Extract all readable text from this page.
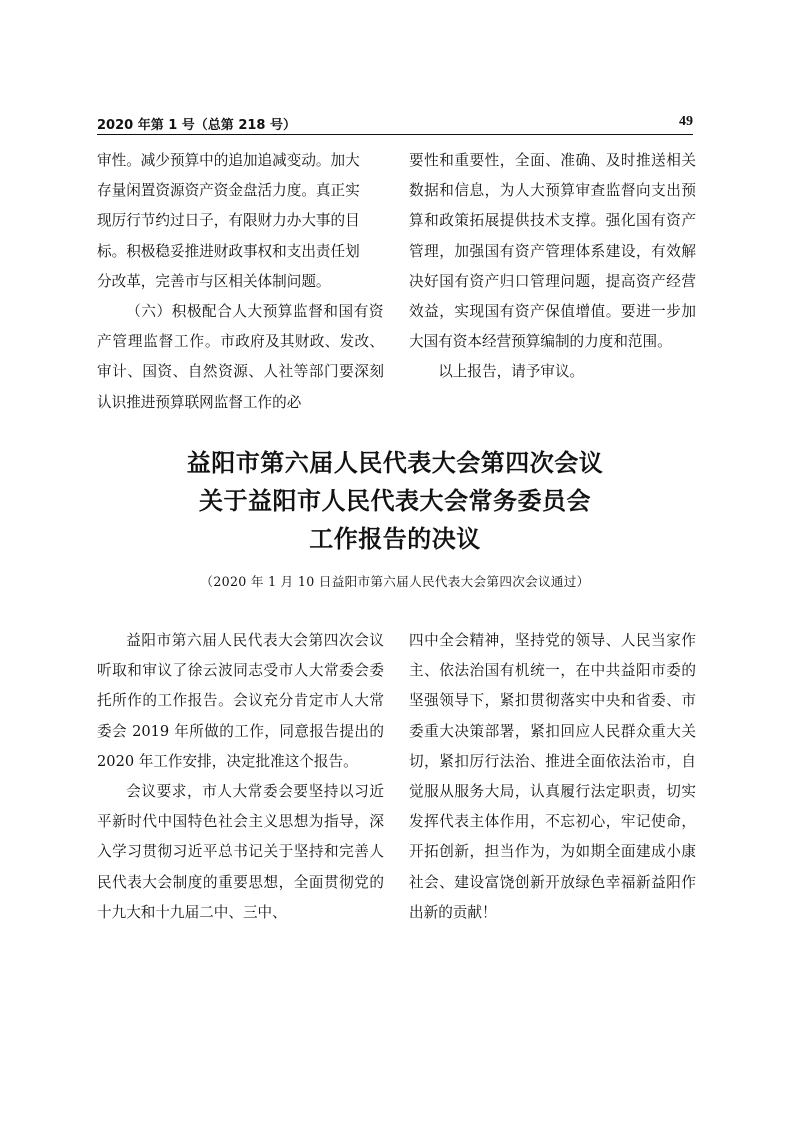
2020 年第 1 号（总第 218 号）	49

审性。减少预算中的追加追减变动。加大

存量闲置资源资产资金盘活力度。真正实

现厉行节约过日子，有限财力办大事的目

标。积极稳妥推进财政事权和支出责任划

分改革，完善市与区相关体制问题。

（六）积极配合人大预算监督和国有资产管理监督工作。市政府及其财政、发改、审计、国资、自然资源、人社等部门要深刻认识推进预算联网监督工作的必

要性和重要性，全面、准确、及时推送相关数据和信息，为人大预算审查监督向支出预算和政策拓展提供技术支撑。强化国有资产管理，加强国有资产管理体系建设，有效解决好国有资产归口管理问题，提高资产经营效益，实现国有资产保值增值。要进一步加大国有资本经营预算编制的力度和范围。

以上报告，请予审议。

益阳市第六届人民代表大会第四次会议

关于益阳市人民代表大会常务委员会

工作报告的决议

（2020 年 1 月 10 日益阳市第六届人民代表大会第四次会议通过）

益阳市第六届人民代表大会第四次会议听取和审议了徐云波同志受市人大常委会委托所作的工作报告。会议充分肯定市人大常委会 2019 年所做的工作，同意报告提出的 2020 年工作安排，决定批准这个报告。

会议要求，市人大常委会要坚持以习近平新时代中国特色社会主义思想为指导，深入学习贯彻习近平总书记关于坚持和完善人民代表大会制度的重要思想，全面贯彻党的十九大和十九届二中、三中、

四中全会精神，坚持党的领导、人民当家作主、依法治国有机统一，在中共益阳市委的坚强领导下，紧扣贯彻落实中央和省委、市委重大决策部署，紧扣回应人民群众重大关切，紧扣厉行法治、推进全面依法治市，自觉服从服务大局，认真履行法定职责，切实发挥代表主体作用，不忘初心，牢记使命，开拓创新，担当作为，为如期全面建成小康社会、建设富饶创新开放绿色幸福新益阳作出新的贡献！
